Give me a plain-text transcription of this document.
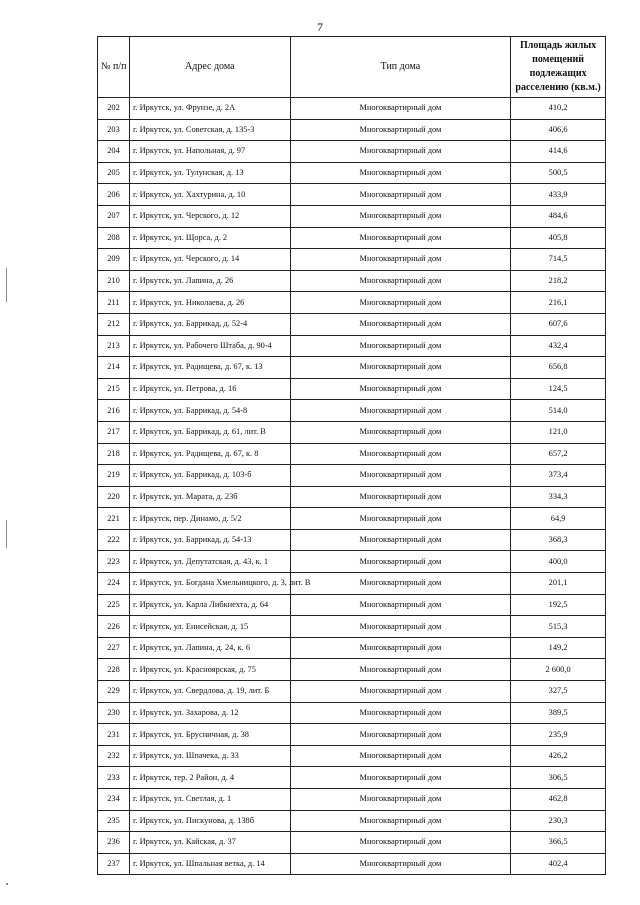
7
№ п/п	Адрес дома	Тип дома	Площадь жилых помещений подлежащих расселению (кв.м.)
202	г. Иркутск, ул. Фрунзе, д. 2А	Многоквартирный дом	410,2
203	г. Иркутск, ул. Советская, д. 135-3	Многоквартирный дом	406,6
204	г. Иркутск, ул. Напольная, д. 97	Многоквартирный дом	414,6
205	г. Иркутск, ул. Тулунская, д. 13	Многоквартирный дом	500,5
206	г. Иркутск, ул. Хахтурина, д. 10	Многоквартирный дом	433,9
207	г. Иркутск, ул. Черского, д. 12	Многоквартирный дом	484,6
208	г. Иркутск, ул. Щорса, д. 2	Многоквартирный дом	405,8
209	г. Иркутск, ул. Черского, д. 14	Многоквартирный дом	714,5
210	г. Иркутск, ул. Лапина, д. 26	Многоквартирный дом	218,2
211	г. Иркутск, ул. Николаева, д. 26	Многоквартирный дом	216,1
212	г. Иркутск, ул. Баррикад, д. 52-4	Многоквартирный дом	607,6
213	г. Иркутск, ул. Рабочего Штаба, д. 90-4	Многоквартирный дом	432,4
214	г. Иркутск, ул. Радищева, д. 67, к. 13	Многоквартирный дом	656,8
215	г. Иркутск, ул. Петрова, д. 16	Многоквартирный дом	124,5
216	г. Иркутск, ул. Баррикад, д. 54-8	Многоквартирный дом	514,0
217	г. Иркутск, ул. Баррикад, д. 61, лит. В	Многоквартирный дом	121,0
218	г. Иркутск, ул. Радищева, д. 67, к. 8	Многоквартирный дом	657,2
219	г. Иркутск, ул. Баррикад, д. 103-б	Многоквартирный дом	373,4
220	г. Иркутск, ул. Марата, д. 23б	Многоквартирный дом	334,3
221	г. Иркутск, пер. Динамо, д. 5/2	Многоквартирный дом	64,9
222	г. Иркутск, ул. Баррикад, д. 54-13	Многоквартирный дом	368,3
223	г. Иркутск, ул. Депутатская, д. 43, к. 1	Многоквартирный дом	400,0
224	г. Иркутск, ул. Богдана Хмельницкого, д. 3, лит. В	Многоквартирный дом	201,1
225	г. Иркутск, ул. Карла Либкнехта, д. 64	Многоквартирный дом	192,5
226	г. Иркутск, ул. Енисейская, д. 15	Многоквартирный дом	515,3
227	г. Иркутск, ул. Лапина, д. 24, к. 6	Многоквартирный дом	149,2
228	г. Иркутск, ул. Красноярская, д. 75	Многоквартирный дом	2 600,0
229	г. Иркутск, ул. Свердлова, д. 19, лит. Б	Многоквартирный дом	327,5
230	г. Иркутск, ул. Захарова, д. 12	Многоквартирный дом	389,5
231	г. Иркутск, ул. Брусничная, д. 38	Многоквартирный дом	235,9
232	г. Иркутск, ул. Шпачека, д. 33	Многоквартирный дом	426,2
233	г. Иркутск, тер. 2 Район, д. 4	Многоквартирный дом	306,5
234	г. Иркутск, ул. Светлая, д. 1	Многоквартирный дом	462,8
235	г. Иркутск, ул. Пискунова, д. 138б	Многоквартирный дом	230,3
236	г. Иркутск, ул. Кайская, д. 37	Многоквартирный дом	366,5
237	г. Иркутск, ул. Шпальная ветка, д. 14	Многоквартирный дом	402,4
